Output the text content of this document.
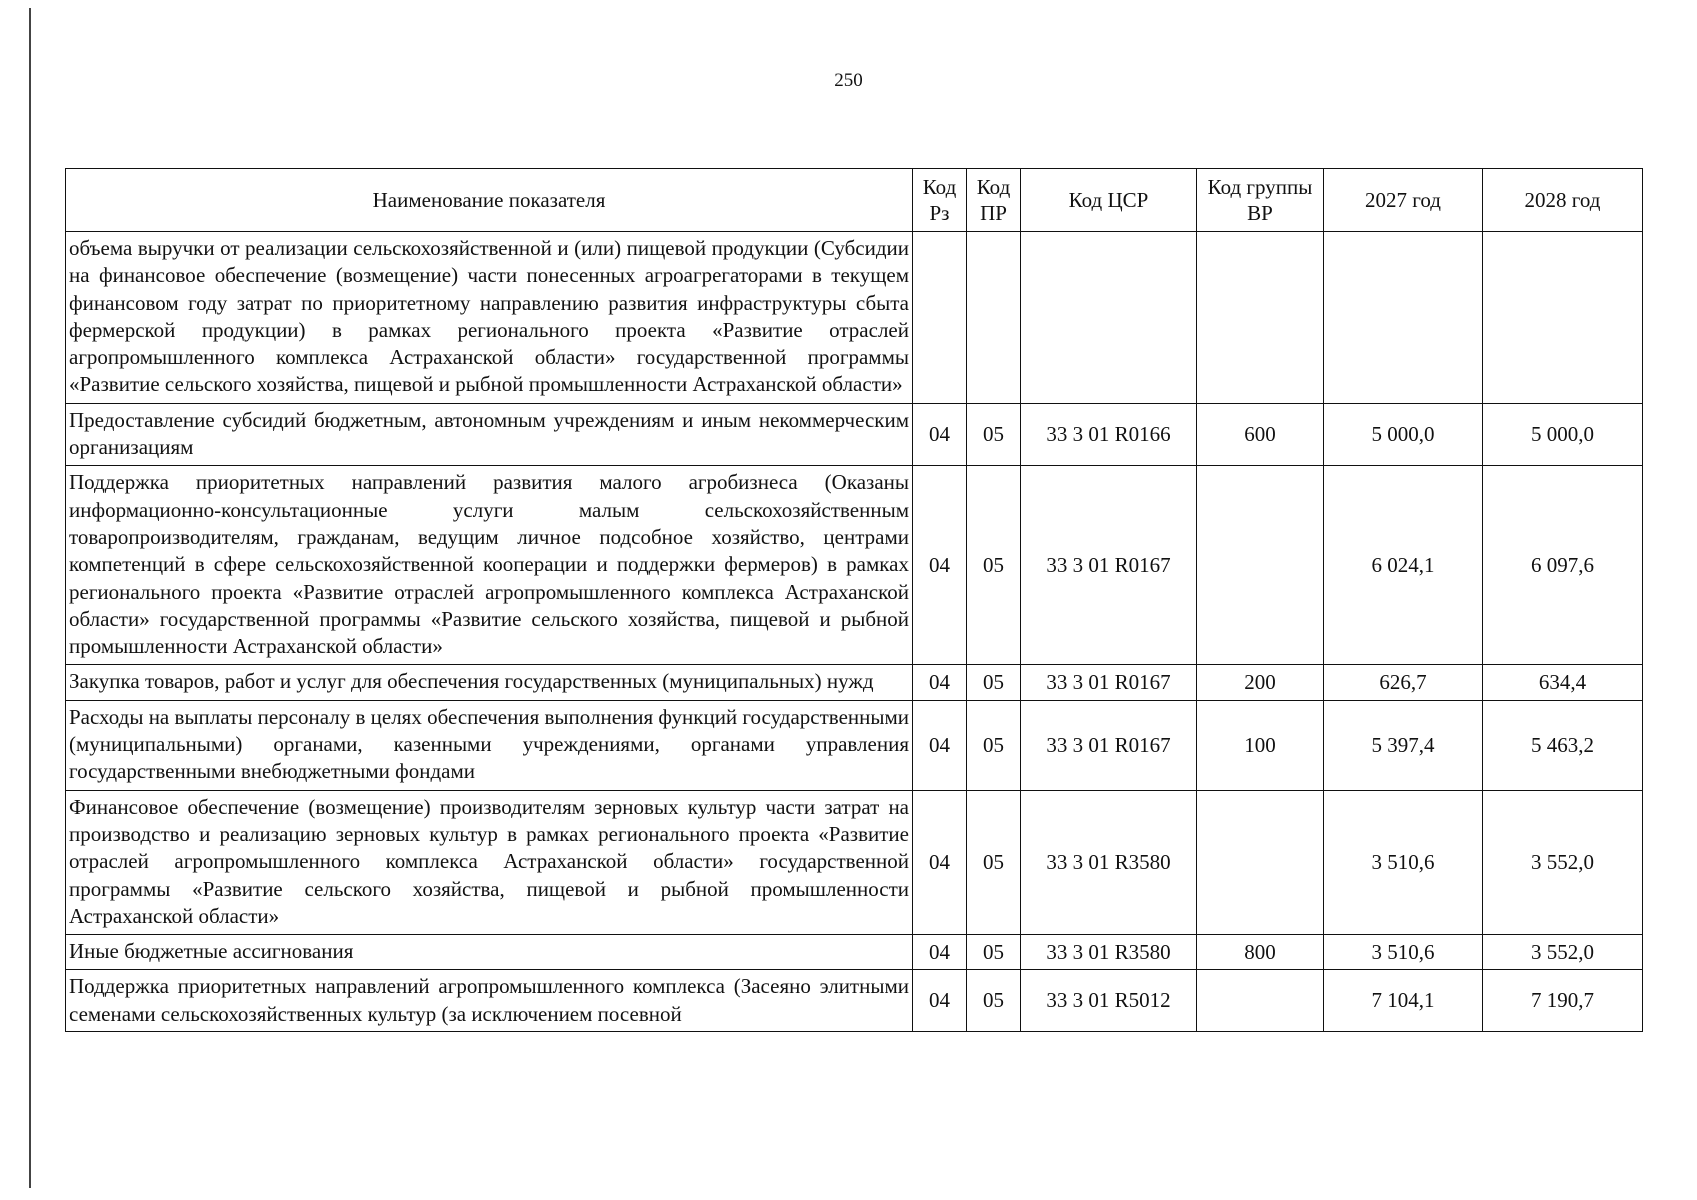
250
Наименование показателя	Код Рз	Код ПР	Код ЦСР	Код группы ВР	2027 год	2028 год
объема выручки от реализации сельскохозяйственной и (или) пищевой продукции (Субсидии на финансовое обеспечение (возмещение) части понесенных агроагрегаторами в текущем финансовом году затрат по приоритетному направлению развития инфраструктуры сбыта фермерской продукции) в рамках регионального проекта «Развитие отраслей агропромышленного комплекса Астраханской области» государственной программы «Развитие сельского хозяйства, пищевой и рыбной промышленности Астраханской области»						
Предоставление субсидий бюджетным, автономным учреждениям и иным некоммерческим организациям	04	05	33 3 01 R0166	600	5 000,0	5 000,0
Поддержка приоритетных направлений развития малого агробизнеса (Оказаны информационно-консультационные услуги малым сельскохозяйственным товаропроизводителям, гражданам, ведущим личное подсобное хозяйство, центрами компетенций в сфере сельскохозяйственной кооперации и поддержки фермеров) в рамках регионального проекта «Развитие отраслей агропромышленного комплекса Астраханской области» государственной программы «Развитие сельского хозяйства, пищевой и рыбной промышленности Астраханской области»	04	05	33 3 01 R0167		6 024,1	6 097,6
Закупка товаров, работ и услуг для обеспечения государственных (муниципальных) нужд	04	05	33 3 01 R0167	200	626,7	634,4
Расходы на выплаты персоналу в целях обеспечения выполнения функций государственными (муниципальными) органами, казенными учреждениями, органами управления государственными внебюджетными фондами	04	05	33 3 01 R0167	100	5 397,4	5 463,2
Финансовое обеспечение (возмещение) производителям зерновых культур части затрат на производство и реализацию зерновых культур в рамках регионального проекта «Развитие отраслей агропромышленного комплекса Астраханской области» государственной программы «Развитие сельского хозяйства, пищевой и рыбной промышленности Астраханской области»	04	05	33 3 01 R3580		3 510,6	3 552,0
Иные бюджетные ассигнования	04	05	33 3 01 R3580	800	3 510,6	3 552,0

Поддержка приоритетных направлений агропромышленного комплекса (Засеяно элитными семенами сельскохозяйственных культур (за исключением посевной	04	05	33 3 01 R5012		7 104,1	7 190,7
